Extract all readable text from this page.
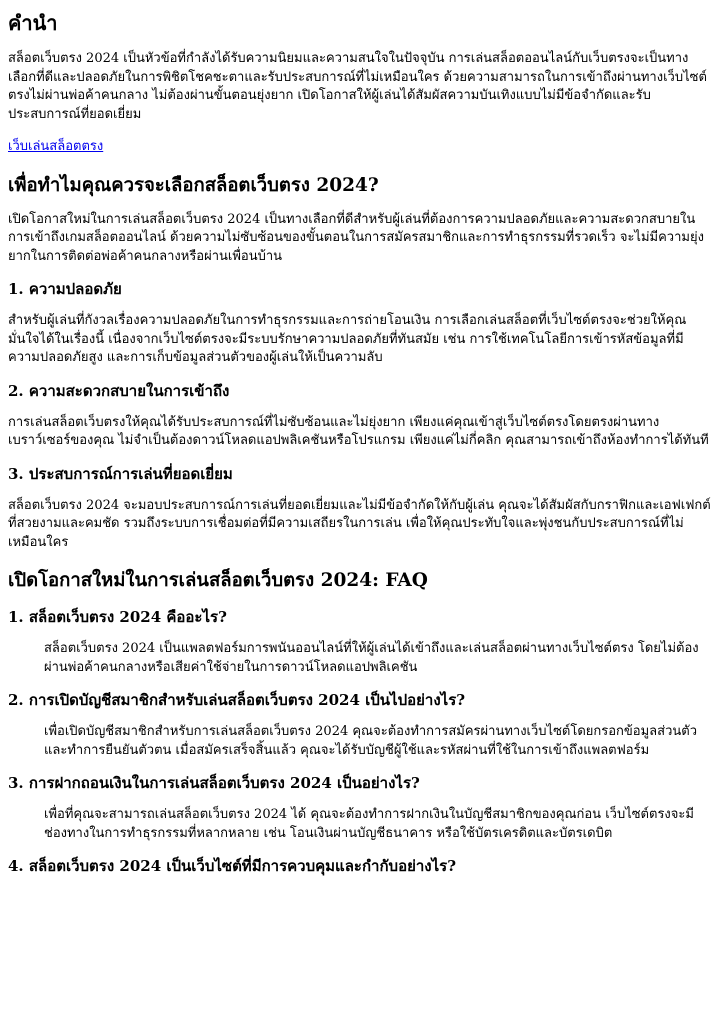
คำนำ

สล็อตเว็บตรง 2024 เป็นหัวข้อที่กำลังได้รับความนิยมและความสนใจในปัจจุบัน การเล่นสล็อตออนไลน์กับเว็บตรงจะเป็นทางเลือกที่ดีและปลอดภัยในการพิชิตโชคชะตาและรับประสบการณ์ที่ไม่เหมือนใคร ด้วยความสามารถในการเข้าถึงผ่านทางเว็บไซต์ตรงไม่ผ่านพ่อค้าคนกลาง ไม่ต้องผ่านขั้นตอนยุ่งยาก เปิดโอกาสให้ผู้เล่นได้สัมผัสความบันเทิงแบบไม่มีข้อจำกัดและรับประสบการณ์ที่ยอดเยี่ยม

เว็บเล่นสล็อตตรง

เพื่อทำไมคุณควรจะเลือกสล็อตเว็บตรง 2024?

เปิดโอกาสใหม่ในการเล่นสล็อตเว็บตรง 2024 เป็นทางเลือกที่ดีสำหรับผู้เล่นที่ต้องการความปลอดภัยและความสะดวกสบายในการเข้าถึงเกมสล็อตออนไลน์ ด้วยความไม่ซับซ้อนของขั้นตอนในการสมัครสมาชิกและการทำธุรกรรมที่รวดเร็ว จะไม่มีความยุ่งยากในการติดต่อพ่อค้าคนกลางหรือผ่านเพื่อนบ้าน

1. ความปลอดภัย

สำหรับผู้เล่นที่กังวลเรื่องความปลอดภัยในการทำธุรกรรมและการถ่ายโอนเงิน การเลือกเล่นสล็อตที่เว็บไซต์ตรงจะช่วยให้คุณมั่นใจได้ในเรื่องนี้ เนื่องจากเว็บไซต์ตรงจะมีระบบรักษาความปลอดภัยที่ทันสมัย เช่น การใช้เทคโนโลยีการเข้ารหัสข้อมูลที่มีความปลอดภัยสูง และการเก็บข้อมูลส่วนตัวของผู้เล่นให้เป็นความลับ

2. ความสะดวกสบายในการเข้าถึง

การเล่นสล็อตเว็บตรงให้คุณได้รับประสบการณ์ที่ไม่ซับซ้อนและไม่ยุ่งยาก เพียงแค่คุณเข้าสู่เว็บไซต์ตรงโดยตรงผ่านทางเบราว์เซอร์ของคุณ ไม่จำเป็นต้องดาวน์โหลดแอปพลิเคชันหรือโปรแกรม เพียงแค่ไม่กี่คลิก คุณสามารถเข้าถึงห้องทำการได้ทันที

3. ประสบการณ์การเล่นที่ยอดเยี่ยม

สล็อตเว็บตรง 2024 จะมอบประสบการณ์การเล่นที่ยอดเยี่ยมและไม่มีข้อจำกัดให้กับผู้เล่น คุณจะได้สัมผัสกับกราฟิกและเอฟเฟกต์ที่สวยงามและคมชัด รวมถึงระบบการเชื่อมต่อที่มีความเสถียรในการเล่น เพื่อให้คุณประทับใจและพุ่งชนกับประสบการณ์ที่ไม่เหมือนใคร

เปิดโอกาสใหม่ในการเล่นสล็อตเว็บตรง 2024: FAQ
1. สล็อตเว็บตรง 2024 คืออะไร?

สล็อตเว็บตรง 2024 เป็นแพลตฟอร์มการพนันออนไลน์ที่ให้ผู้เล่นได้เข้าถึงและเล่นสล็อตผ่านทางเว็บไซต์ตรง โดยไม่ต้องผ่านพ่อค้าคนกลางหรือเสียค่าใช้จ่ายในการดาวน์โหลดแอปพลิเคชัน

2. การเปิดบัญชีสมาชิกสำหรับเล่นสล็อตเว็บตรง 2024 เป็นไปอย่างไร?

เพื่อเปิดบัญชีสมาชิกสำหรับการเล่นสล็อตเว็บตรง 2024 คุณจะต้องทำการสมัครผ่านทางเว็บไซต์โดยกรอกข้อมูลส่วนตัวและทำการยืนยันตัวตน เมื่อสมัครเสร็จสิ้นแล้ว คุณจะได้รับบัญชีผู้ใช้และรหัสผ่านที่ใช้ในการเข้าถึงแพลตฟอร์ม

3. การฝากถอนเงินในการเล่นสล็อตเว็บตรง 2024 เป็นอย่างไร?

เพื่อที่คุณจะสามารถเล่นสล็อตเว็บตรง 2024 ได้ คุณจะต้องทำการฝากเงินในบัญชีสมาชิกของคุณก่อน เว็บไซต์ตรงจะมีช่องทางในการทำธุรกรรมที่หลากหลาย เช่น โอนเงินผ่านบัญชีธนาคาร หรือใช้บัตรเครดิตและบัตรเดบิต

4. สล็อตเว็บตรง 2024 เป็นเว็บไซต์ที่มีการควบคุมและกำกับอย่างไร?
